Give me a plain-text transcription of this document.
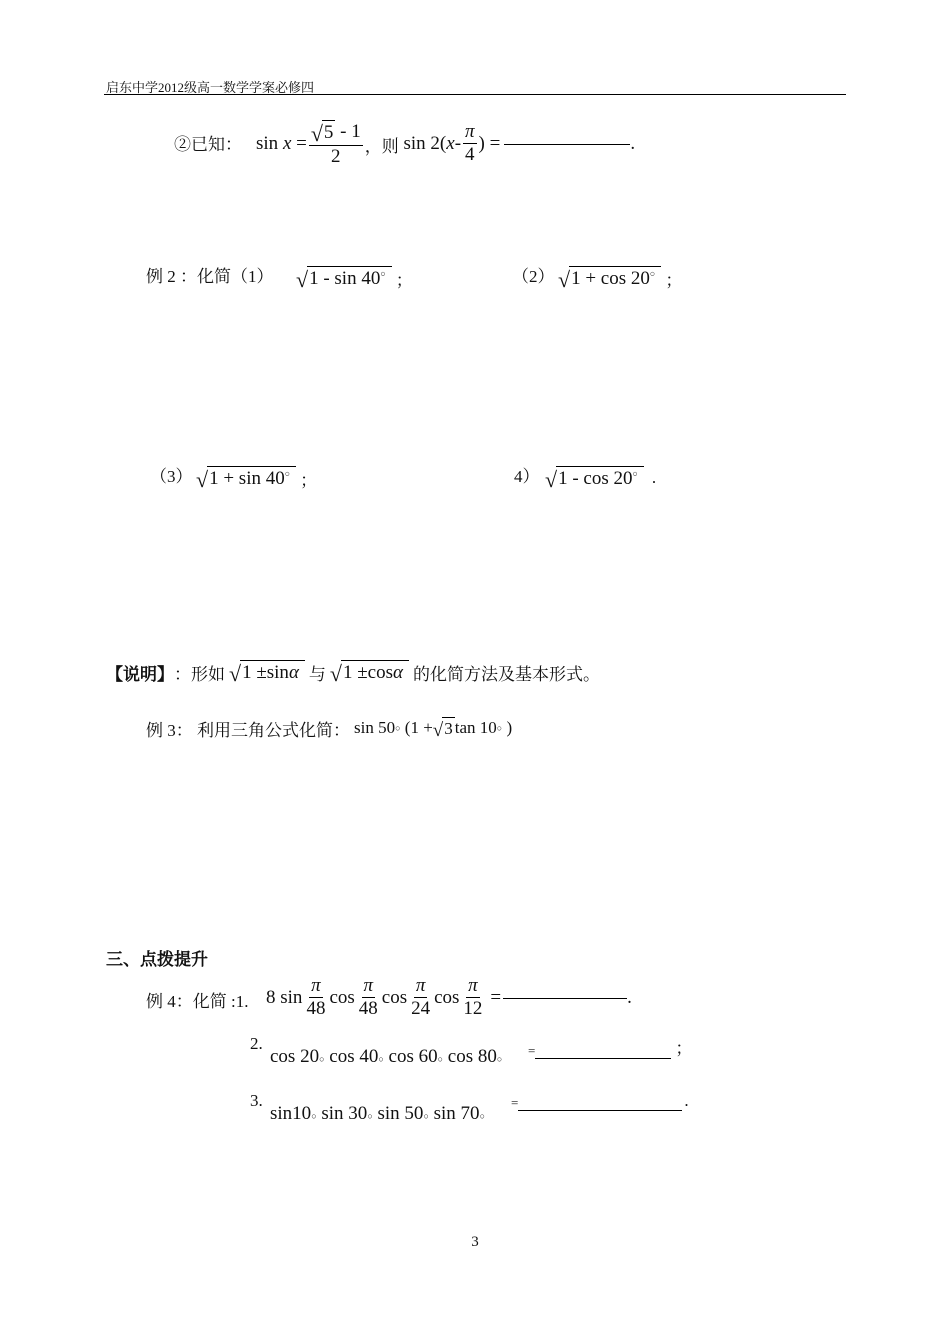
启东中学2012级高一数学学案必修四
②已知： sin
x
= $\frac{√ 5 - 1}{2}$ ，则
sin 2( x - $\frac{\pi}{4}$ ) =	.
例 2 ：化简（1） √ 1 - sin 40○ ；	（2） √ 1 + cos 20○ ；
（3） √ 1 + sin 40○ ；	4） √ 1 - cos 20○ .
【说明】 ：形如 √ 1 ±sinα 与 √ 1 ±cosα 的化简方法及基本形式。
例 3： 利用三角公式化简： sin 50 ○
(1 + √ 3 tan 10 ○
)
三、点拨提升
例 4：化简 :1. 8 $\sin \frac{\pi}{48}$ $\cos \frac{\pi}{48}$ $\cos \frac{\pi}{24}$ $\cos \frac{\pi}{12}$ =	.
2.
cos 20 ○
cos 40 ○
cos 60 ○
cos 80 ○
=	；
3.
sin10 ○
sin 30 ○
sin 50 ○
sin 70 ○
=	.
3
